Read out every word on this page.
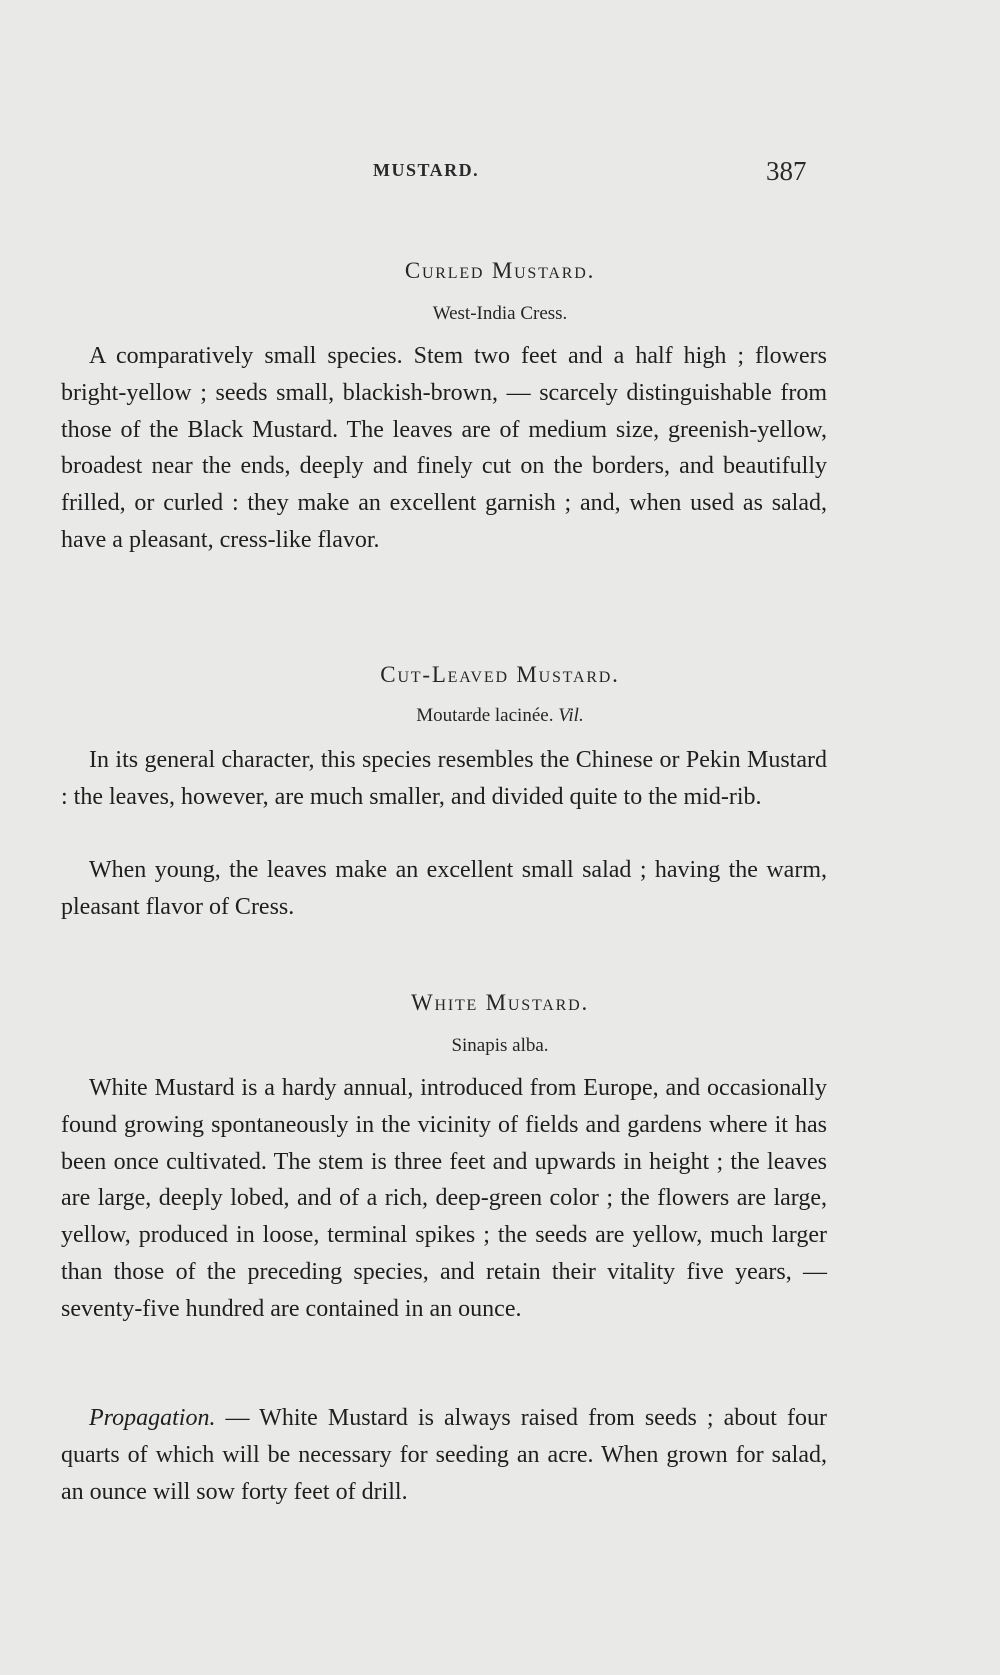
MUSTARD.	387
Curled Mustard.
West-India Cress.
A comparatively small species. Stem two feet and a half high ; flowers bright-yellow ; seeds small, blackish-brown, — scarcely distinguishable from those of the Black Mustard. The leaves are of medium size, greenish-yellow, broadest near the ends, deeply and finely cut on the borders, and beautifully frilled, or curled : they make an excellent garnish ; and, when used as salad, have a pleasant, cress-like flavor.
Cut-Leaved Mustard.
Moutarde lacinée. Vil.
In its general character, this species resembles the Chinese or Pekin Mustard : the leaves, however, are much smaller, and divided quite to the mid-rib.
When young, the leaves make an excellent small salad ; having the warm, pleasant flavor of Cress.
White Mustard.
Sinapis alba.
White Mustard is a hardy annual, introduced from Europe, and occasionally found growing spontaneously in the vicinity of fields and gardens where it has been once cultivated. The stem is three feet and upwards in height ; the leaves are large, deeply lobed, and of a rich, deep-green color ; the flowers are large, yellow, produced in loose, terminal spikes ; the seeds are yellow, much larger than those of the preceding species, and retain their vitality five years, — seventy-five hundred are contained in an ounce.
Propagation. — White Mustard is always raised from seeds ; about four quarts of which will be necessary for seeding an acre. When grown for salad, an ounce will sow forty feet of drill.
